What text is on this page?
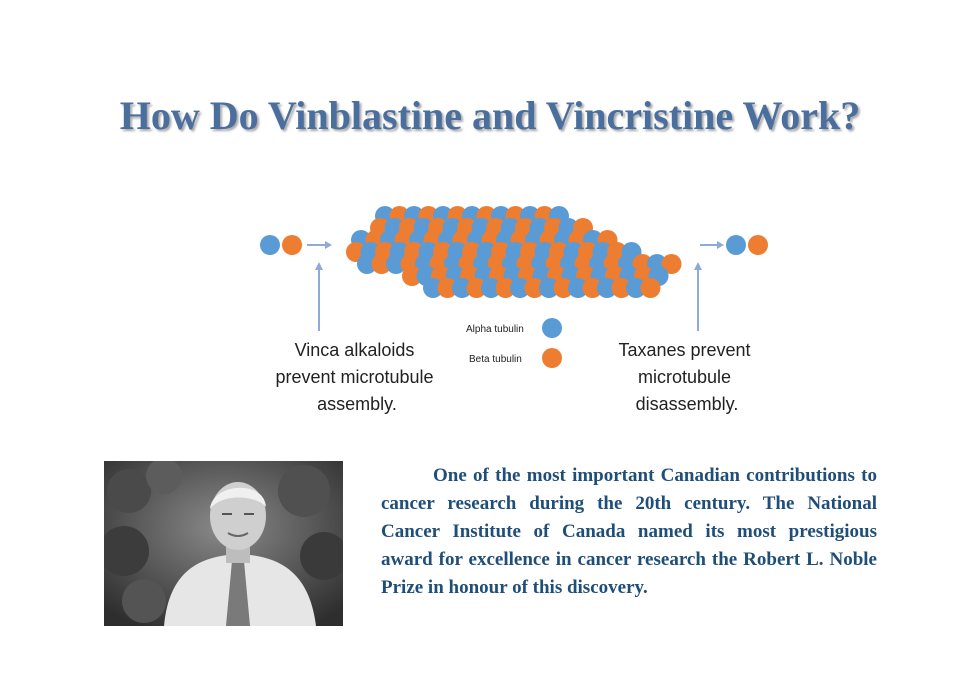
How Do Vinblastine and Vincristine Work?
Alpha tubulin
Beta tubulin
Vinca alkaloids prevent microtubule assembly.
Taxanes prevent microtubule disassembly.

One of the most important Canadian contributions to cancer research during the 20th century. The National Cancer Institute of Canada named its most prestigious award for excellence in cancer research the Robert L. Noble Prize in honour of this discovery.
